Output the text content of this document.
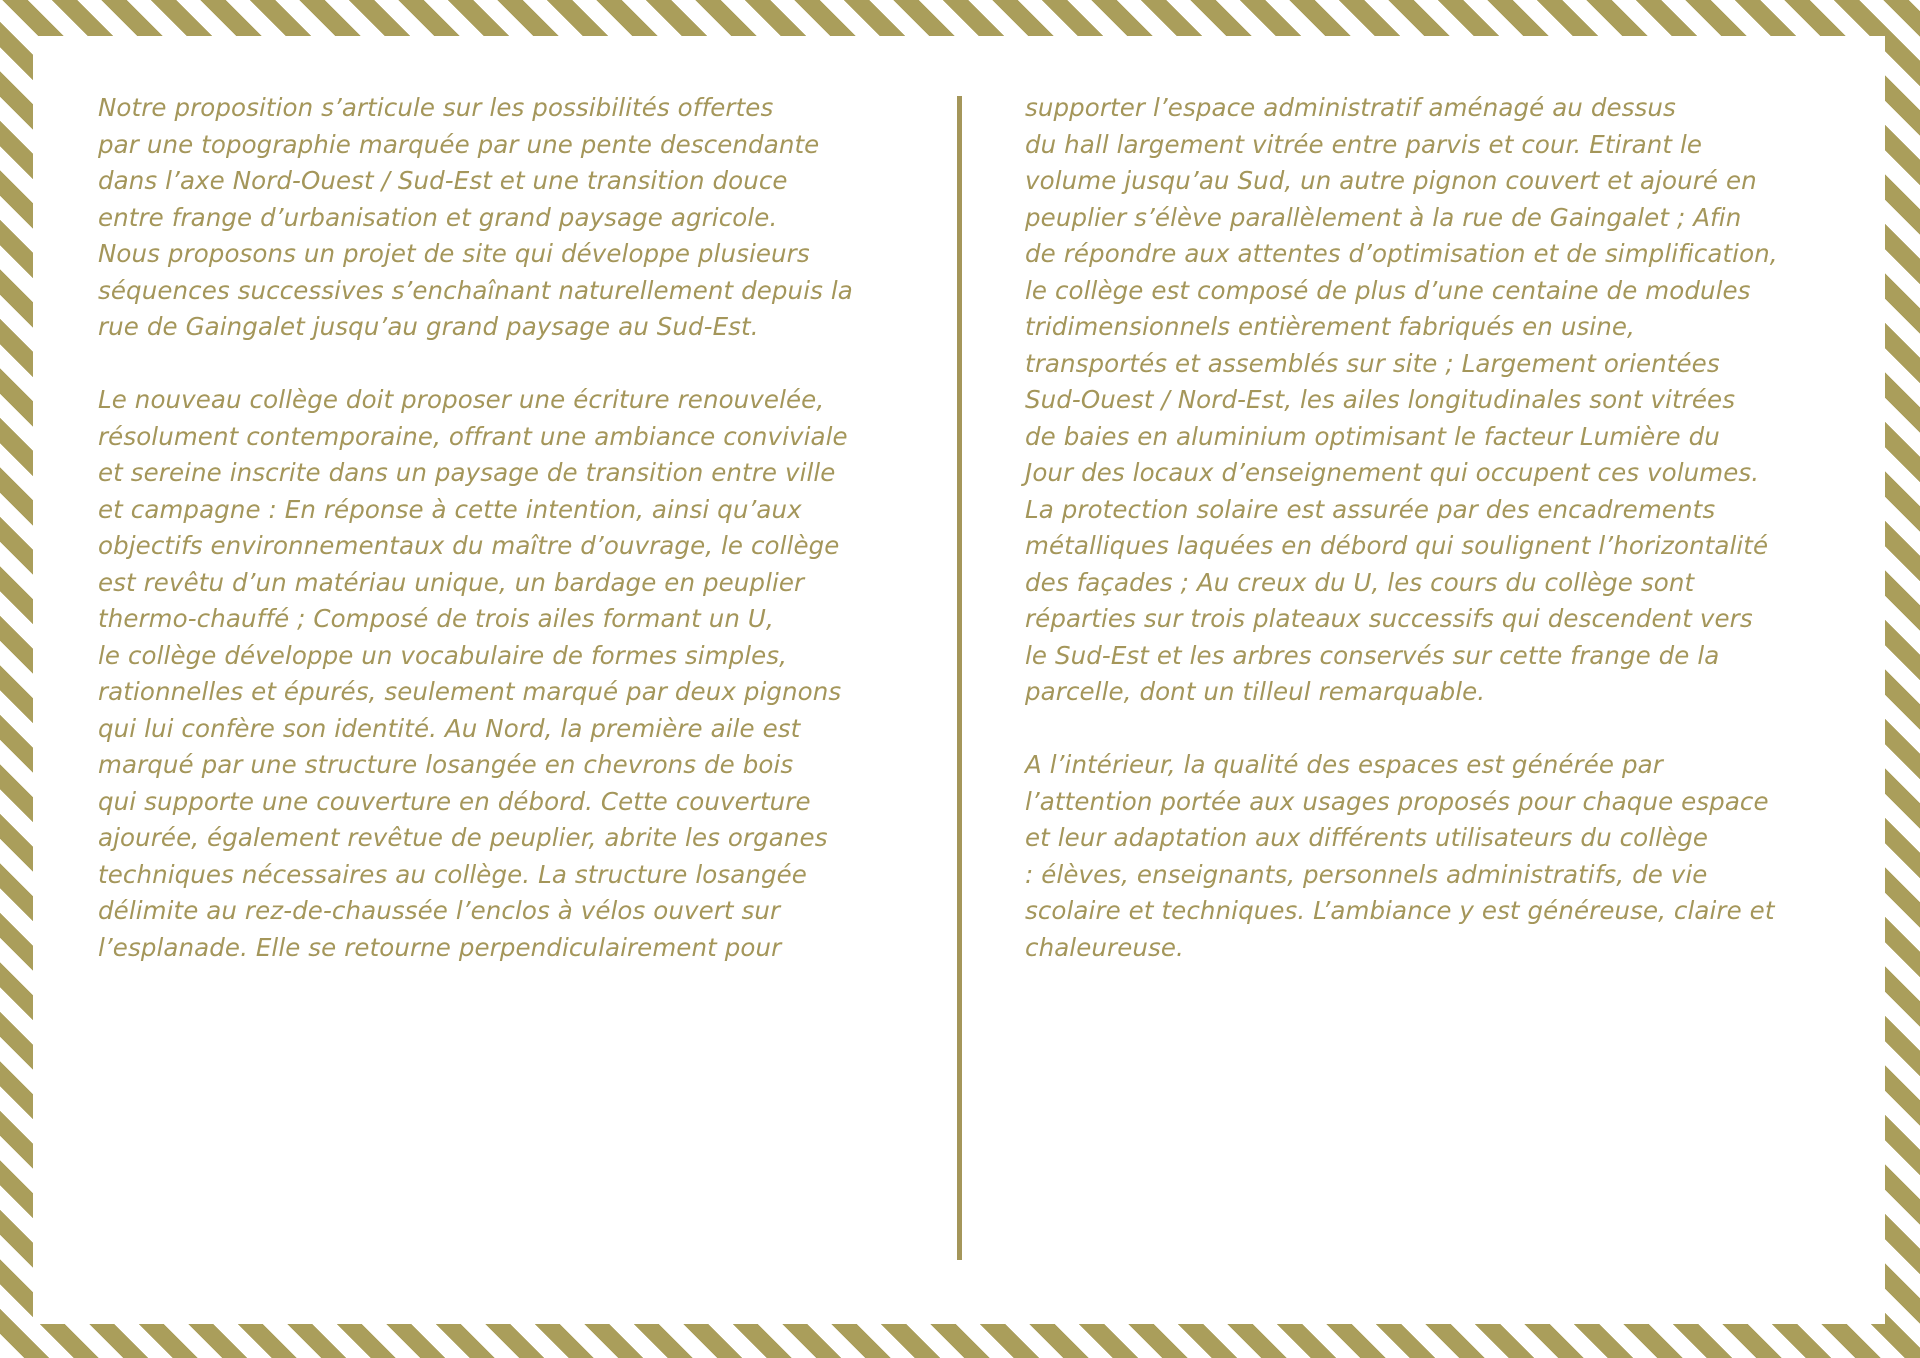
Notre proposition s’articule sur les possibilités offertes
par une topographie marquée par une pente descendante
dans l’axe Nord-Ouest / Sud-Est et une transition douce
entre frange d’urbanisation et grand paysage agricole.
Nous proposons un projet de site qui développe plusieurs
séquences successives s’enchaînant naturellement depuis la
rue de Gaingalet jusqu’au grand paysage au Sud-Est.

Le nouveau collège doit proposer une écriture renouvelée,
résolument contemporaine, offrant une ambiance conviviale
et sereine inscrite dans un paysage de transition entre ville
et campagne : En réponse à cette intention, ainsi qu’aux
objectifs environnementaux du maître d’ouvrage, le collège
est revêtu d’un matériau unique, un bardage en peuplier
thermo-chauffé ; Composé de trois ailes formant un U,
le collège développe un vocabulaire de formes simples,
rationnelles et épurés, seulement marqué par deux pignons
qui lui confère son identité. Au Nord, la première aile est
marqué par une structure losangée en chevrons de bois
qui supporte une couverture en débord. Cette couverture
ajourée, également revêtue de peuplier, abrite les organes
techniques nécessaires au collège. La structure losangée
délimite au rez-de-chaussée l’enclos à vélos ouvert sur
l’esplanade. Elle se retourne perpendiculairement pour

supporter l’espace administratif aménagé au dessus
du hall largement vitrée entre parvis et cour. Etirant le
volume jusqu’au Sud, un autre pignon couvert et ajouré en
peuplier s’élève parallèlement à la rue de Gaingalet ; Afin
de répondre aux attentes d’optimisation et de simplification,
le collège est composé de plus d’une centaine de modules
tridimensionnels entièrement fabriqués en usine,
transportés et assemblés sur site ; Largement orientées
Sud-Ouest / Nord-Est, les ailes longitudinales sont vitrées
de baies en aluminium optimisant le facteur Lumière du
Jour des locaux d’enseignement qui occupent ces volumes.
La protection solaire est assurée par des encadrements
métalliques laquées en débord qui soulignent l’horizontalité
des façades ; Au creux du U, les cours du collège sont
réparties sur trois plateaux successifs qui descendent vers
le Sud-Est et les arbres conservés sur cette frange de la
parcelle, dont un tilleul remarquable.

A l’intérieur, la qualité des espaces est générée par
l’attention portée aux usages proposés pour chaque espace
et leur adaptation aux différents utilisateurs du collège
: élèves, enseignants, personnels administratifs, de vie
scolaire et techniques. L’ambiance y est généreuse, claire et
chaleureuse.
